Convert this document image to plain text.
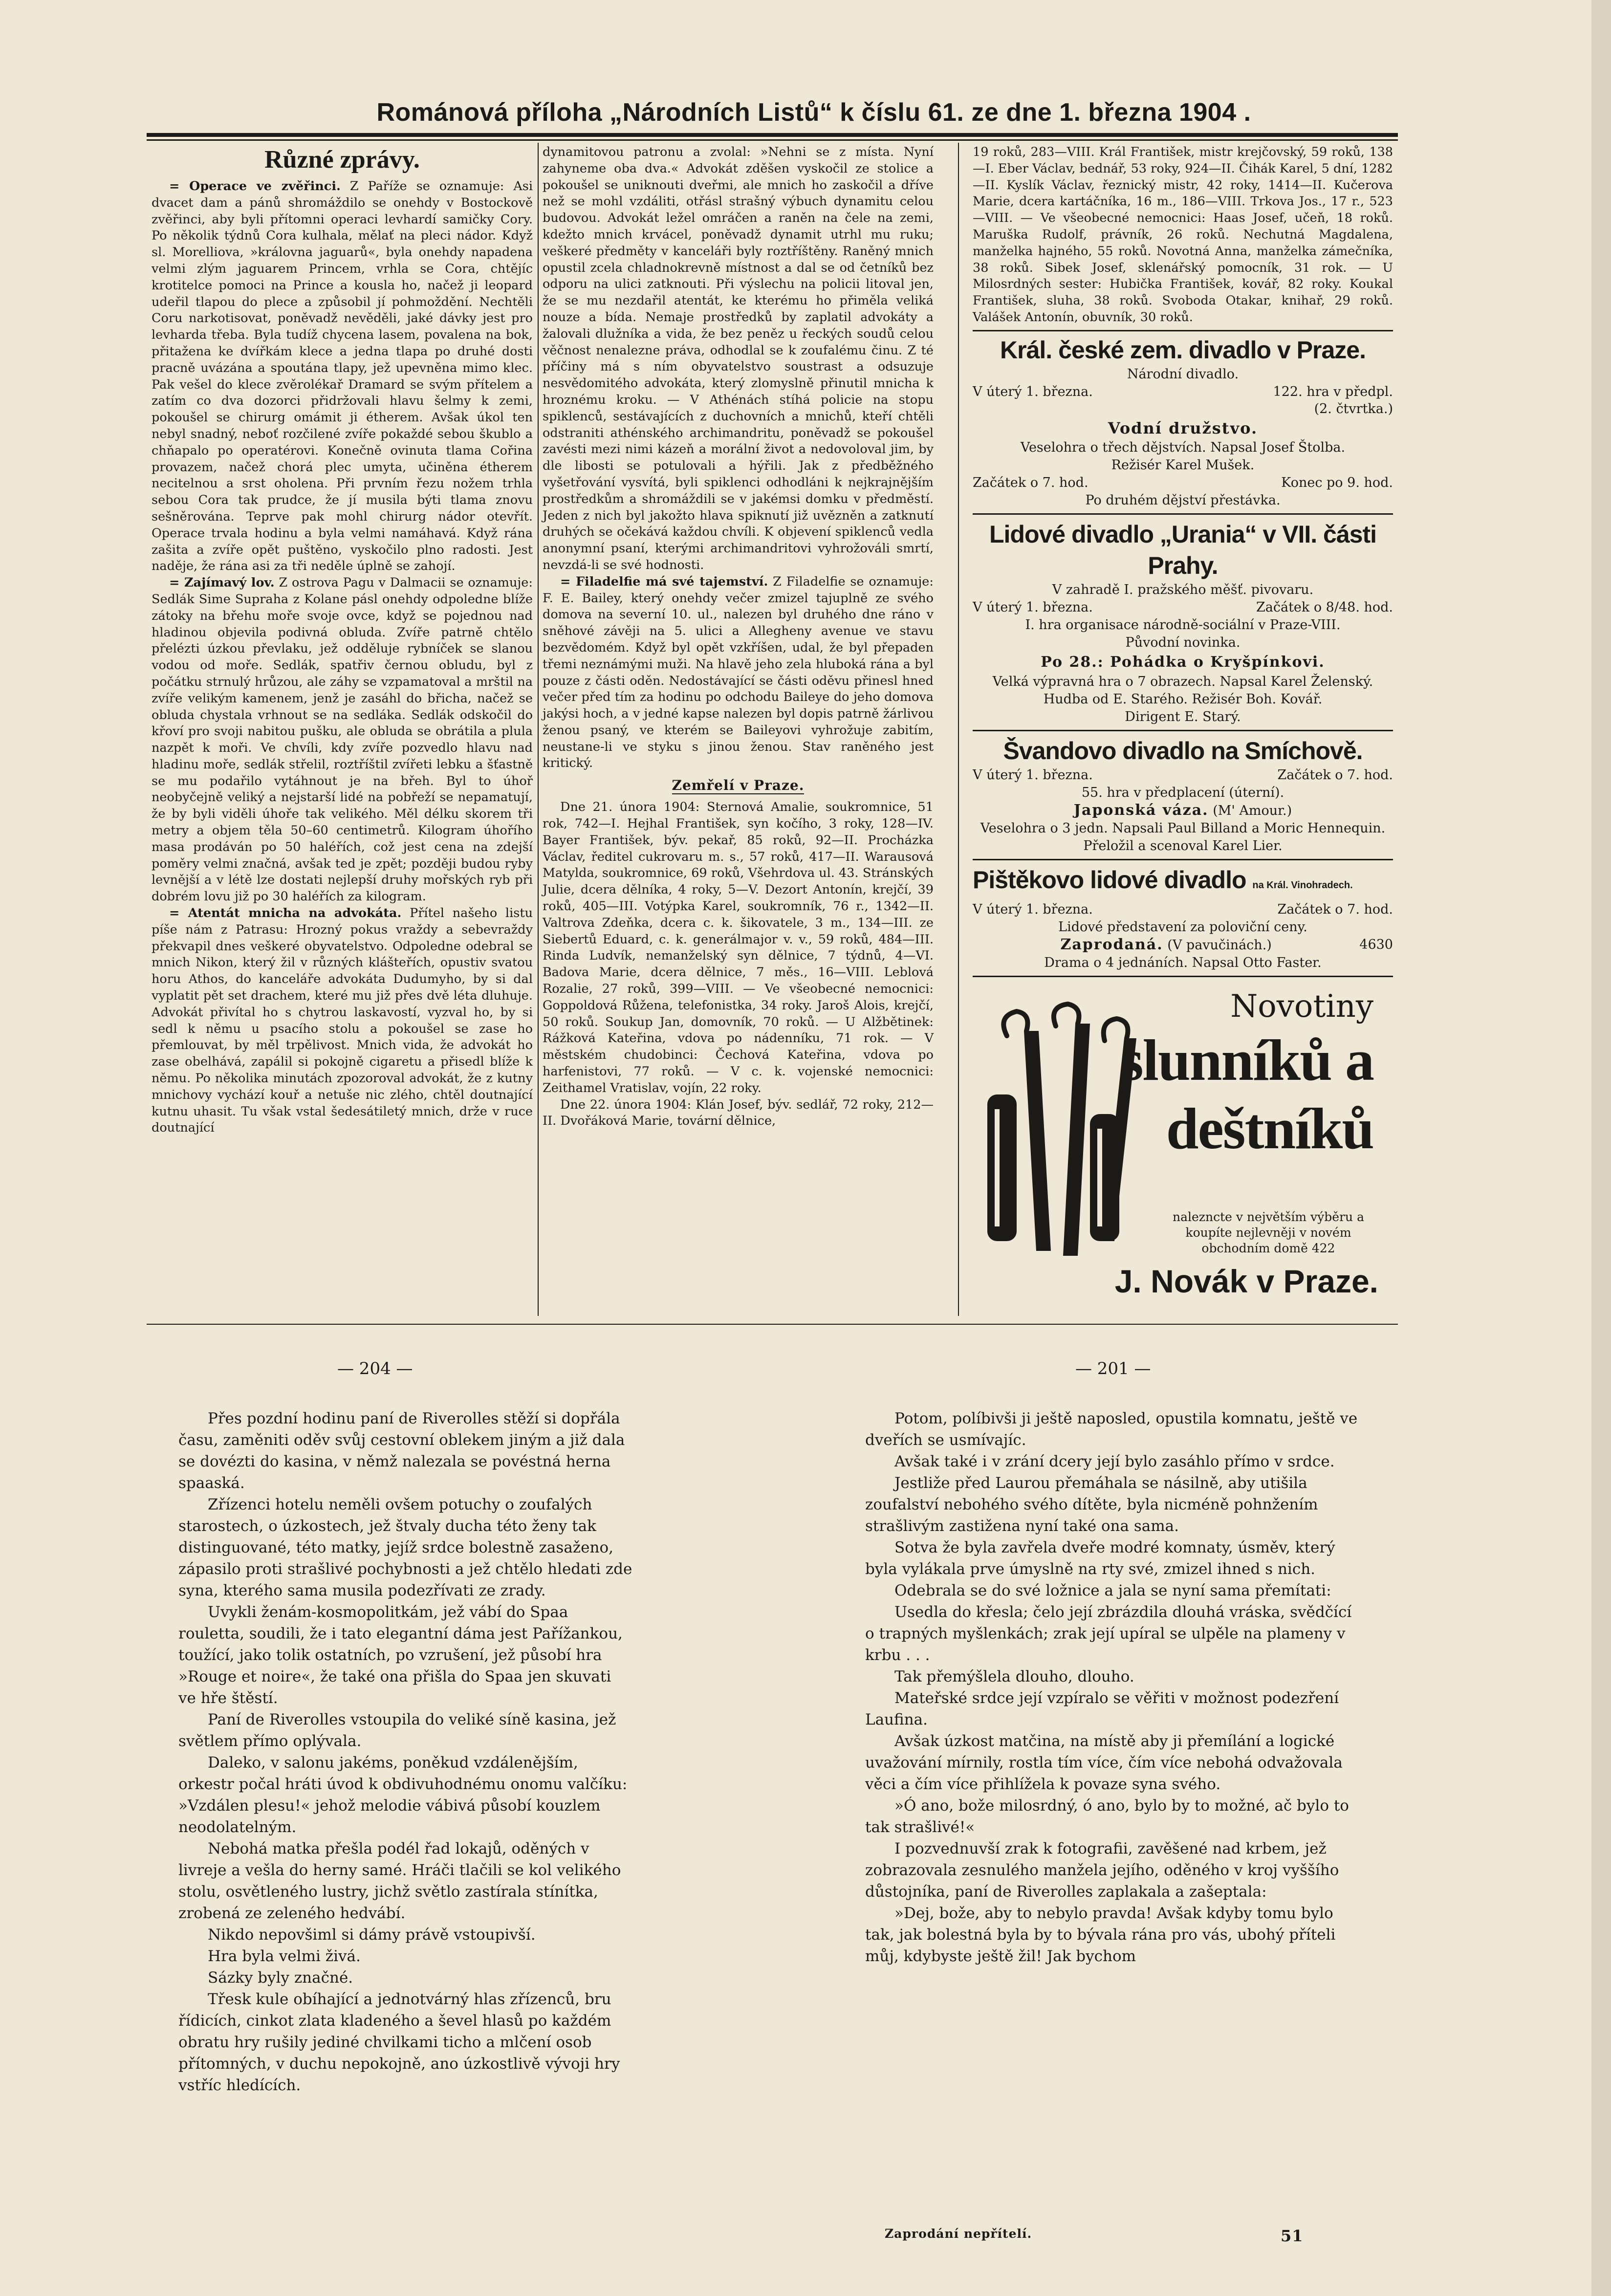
Románová příloha „Národních Listů“ k číslu 61. ze dne 1. března 1904 .
Různé zprávy.

= Operace ve zvěřinci. Z Paříže se oznamuje: Asi dvacet dam a pánů shromáždilo se onehdy v Bostockově zvěřinci, aby byli přítomni operaci levhardí samičky Cory. Po několik týdnů Cora kulhala, mělať na pleci nádor. Když sl. Morelliova, »královna jaguarů«, byla onehdy napadena velmi zlým jaguarem Princem, vrhla se Cora, chtějíc krotitelce pomoci na Prince a kousla ho, načež ji leopard udeřil tlapou do plece a způsobil jí pohmoždění. Nechtěli Coru narkotisovat, poněvadž nevěděli, jaké dávky jest pro levharda třeba. Byla tudíž chycena lasem, povalena na bok, přitažena ke dvířkám klece a jedna tlapa po druhé dosti pracně uvázána a spoutána tlapy, jež upevněna mimo klec. Pak vešel do klece zvěrolékař Dramard se svým přítelem a zatím co dva dozorci přidržovali hlavu šelmy k zemi, pokoušel se chirurg omámit ji étherem. Avšak úkol ten nebyl snadný, neboť rozčilené zvíře pokaždé sebou škublo a chňapalo po operatérovi. Konečně ovinuta tlama Cořina provazem, načež chorá plec umyta, učiněna étherem necitelnou a srst oholena. Při prvním řezu nožem trhla sebou Cora tak prudce, že jí musila býti tlama znovu sešněrována. Teprve pak mohl chirurg nádor otevřít. Operace trvala hodinu a byla velmi namáhavá. Když rána zašita a zvíře opět puštěno, vyskočilo plno radosti. Jest naděje, že rána asi za tři neděle úplně se zahojí.

= Zajímavý lov. Z ostrova Pagu v Dalmacii se oznamuje: Sedlák Sime Supraha z Kolane pásl onehdy odpoledne blíže zátoky na břehu moře svoje ovce, když se pojednou nad hladinou objevila podivná obluda. Zvíře patrně chtělo přelézti úzkou převlaku, jež odděluje rybníček se slanou vodou od moře. Sedlák, spatřiv černou obludu, byl z počátku strnulý hrůzou, ale záhy se vzpamatoval a mrštil na zvíře velikým kamenem, jenž je zasáhl do břicha, načež se obluda chystala vrhnout se na sedláka. Sedlák odskočil do křoví pro svoji nabitou pušku, ale obluda se obrátila a plula nazpět k moři. Ve chvíli, kdy zvíře pozvedlo hlavu nad hladinu moře, sedlák střelil, roztříštil zvířeti lebku a šťastně se mu podařilo vytáhnout je na břeh. Byl to úhoř neobyčejně veliký a nejstarší lidé na pobřeží se nepamatují, že by byli viděli úhoře tak velikého. Měl délku skorem tři metry a objem těla 50–60 centimetrů. Kilogram úhořího masa prodáván po 50 haléřích, což jest cena na zdejší poměry velmi značná, avšak ted je zpět; později budou ryby levnější a v létě lze dostati nejlepší druhy mořských ryb při dobrém lovu již po 30 haléřích za kilogram.

= Atentát mnicha na advokáta. Přítel našeho listu píše nám z Patrasu: Hrozný pokus vraždy a sebevraždy překvapil dnes veškeré obyvatelstvo. Odpoledne odebral se mnich Nikon, který žil v různých klášteřích, opustiv svatou horu Athos, do kanceláře advokáta Dudumyho, by si dal vyplatit pět set drachem, které mu již přes dvě léta dluhuje. Advokát přivítal ho s chytrou laskavostí, vyzval ho, by si sedl k němu u psacího stolu a pokoušel se zase ho přemlouvat, by měl trpělivost. Mnich vida, že advokát ho zase obelhává, zapálil si pokojně cigaretu a přisedl blíže k němu. Po několika minutách zpozoroval advokát, že z kutny mnichovy vychází kouř a netuše nic zlého, chtěl doutnající kutnu uhasit. Tu však vstal šedesátiletý mnich, drže v ruce doutnající

dynamitovou patronu a zvolal: »Nehni se z místa. Nyní zahyneme oba dva.« Advokát zděšen vyskočil ze stolice a pokoušel se uniknouti dveřmi, ale mnich ho zaskočil a dříve než se mohl vzdáliti, otřásl strašný výbuch dynamitu celou budovou. Advokát ležel omráčen a raněn na čele na zemi, kdežto mnich krvácel, poněvadž dynamit utrhl mu ruku; veškeré předměty v kanceláři byly roztříštěny. Raněný mnich opustil zcela chladnokrevně místnost a dal se od četníků bez odporu na ulici zatknouti. Při výslechu na policii litoval jen, že se mu nezdařil atentát, ke kterému ho přiměla veliká nouze a bída. Nemaje prostředků by zaplatil advokáty a žalovali dlužníka a vida, že bez peněz u řeckých soudů celou věčnost nenalezne práva, odhodlal se k zoufalému činu. Z té příčiny má s ním obyvatelstvo soustrast a odsuzuje nesvědomitého advokáta, který zlomyslně přinutil mnicha k hroznému kroku. — V Athénách stíhá policie na stopu spiklenců, sestávajících z duchovních a mnichů, kteří chtěli odstraniti athénského archimandritu, poněvadž se pokoušel zavésti mezi nimi kázeň a morální život a nedovoloval jim, by dle libosti se potulovali a hýřili. Jak z předběžného vyšetřování vysvítá, byli spiklenci odhodláni k nejkrajnějším prostředkům a shromáždili se v jakémsi domku v předměstí. Jeden z nich byl jakožto hlava spiknutí již uvězněn a zatknutí druhých se očekává každou chvíli. K objevení spiklenců vedla anonymní psaní, kterými archimandritovi vyhrožováli smrtí, nevzdá-li se své hodnosti.

= Filadelfie má své tajemství. Z Filadelfie se oznamuje: F. E. Bailey, který onehdy večer zmizel tajuplně ze svého domova na severní 10. ul., nalezen byl druhého dne ráno v sněhové závěji na 5. ulici a Allegheny avenue ve stavu bezvědomém. Když byl opět vzkříšen, udal, že byl přepaden třemi neznámými muži. Na hlavě jeho zela hluboká rána a byl pouze z části oděn. Nedostávající se části oděvu přinesl hned večer před tím za hodinu po odchodu Baileye do jeho domova jakýsi hoch, a v jedné kapse nalezen byl dopis patrně žárlivou ženou psaný, ve kterém se Baileyovi vyhrožuje zabitím, neustane-li ve styku s jinou ženou. Stav raněného jest kritický.

Zemřelí v Praze.

Dne 21. února 1904: Sternová Amalie, soukromnice, 51 rok, 742—I. Hejhal František, syn kočího, 3 roky, 128—IV. Bayer František, býv. pekař, 85 roků, 92—II. Procházka Václav, ředitel cukrovaru m. s., 57 roků, 417—II. Warausová Matylda, soukromnice, 69 roků, Všehrdova ul. 43. Stránských Julie, dcera dělníka, 4 roky, 5—V. Dezort Antonín, krejčí, 39 roků, 405—III. Votýpka Karel, soukromník, 76 r., 1342—II. Valtrova Zdeňka, dcera c. k. šikovatele, 3 m., 134—III. ze Siebertů Eduard, c. k. generálmajor v. v., 59 roků, 484—III. Rinda Ludvík, nemanželský syn dělnice, 7 týdnů, 4—VI. Badova Marie, dcera dělnice, 7 měs., 16—VIII. Leblová Rozalie, 27 roků, 399—VIII. — Ve všeobecné nemocnici: Goppoldová Růžena, telefonistka, 34 roky. Jaroš Alois, krejčí, 50 roků. Soukup Jan, domovník, 70 roků. — U Alžbětinek: Rážková Kateřina, vdova po nádenníku, 71 rok. — V městském chudobinci: Čechová Kateřina, vdova po harfenistovi, 77 roků. — V c. k. vojenské nemocnici: Zeithamel Vratislav, vojín, 22 roky.

Dne 22. února 1904: Klán Josef, býv. sedlář, 72 roky, 212—II. Dvořáková Marie, tovární dělnice,

19 roků, 283—VIII. Král František, mistr krejčovský, 59 roků, 138—I. Eber Václav, bednář, 53 roky, 924—II. Čihák Karel, 5 dní, 1282—II. Kyslík Václav, řeznický mistr, 42 roky, 1414—II. Kučerova Marie, dcera kartáčníka, 16 m., 186—VIII. Trkova Jos., 17 r., 523—VIII. — Ve všeobecné nemocnici: Haas Josef, učeň, 18 roků. Maruška Rudolf, právník, 26 roků. Nechutná Magdalena, manželka hajného, 55 roků. Novotná Anna, manželka zámečníka, 38 roků. Sibek Josef, sklenářský pomocník, 31 rok. — U Milosrdných sester: Hubička František, kovář, 82 roky. Koukal František, sluha, 38 roků. Svoboda Otakar, knihař, 29 roků. Valášek Antonín, obuvník, 30 roků.

Král. české zem. divadlo v Praze.
Národní divadlo.
V úterý 1. března.	122. hra v předpl.
(2. čtvrtka.)
Vodní družstvo.
Veselohra o třech dějstvích. Napsal Josef Štolba.
Režisér Karel Mušek.
Začátek o 7. hod.	Konec po 9. hod.
Po druhém dějství přestávka.
Lidové divadlo „Urania“ v VII. části Prahy.
V zahradě I. pražského měšť. pivovaru.
V úterý 1. března.	Začátek o 8/48. hod.
I. hra organisace národně-sociální v Praze-VIII.
Původní novinka.
Po 28.: Pohádka o Kryšpínkovi.
Velká výpravná hra o 7 obrazech. Napsal Karel Želenský. Hudba od E. Starého. Režisér Boh. Kovář.
Dirigent E. Starý.
Švandovo divadlo na Smíchově.
V úterý 1. března.	Začátek o 7. hod.
55. hra v předplacení (úterní).
Japonská váza. (M' Amour.)
Veselohra o 3 jedn. Napsali Paul Billand a Moric Hennequin. Přeložil a scenoval Karel Lier.
Pištěkovo lidové divadlo na Král. Vinohradech.
V úterý 1. března.	Začátek o 7. hod.
Lidové představení za poloviční ceny.
Zaprodaná. (V pavučinách.)	4630
Drama o 4 jednáních. Napsal Otto Faster.
Novotiny
slunníků a
deštníků
nalezncte v největším výběru a koupíte nejlevněji v novém obchodním domě 422
J. Novák v Praze.
— 204 —	— 201 —

Přes pozdní hodinu paní de Riverolles stěží si dopřála času, zaměniti oděv svůj cestovní oblekem jiným a již dala se dovézti do kasina, v němž nalezala se povéstná herna spaaská.

Zřízenci hotelu neměli ovšem potuchy o zoufalých starostech, o úzkostech, jež štvaly ducha této ženy tak distinguované, této matky, jejíž srdce bolestně zasaženo, zápasilo proti strašlivé pochybnosti a jež chtělo hledati zde syna, kterého sama musila podezřívati ze zrady.

Uvykli ženám-kosmopolitkám, jež vábí do Spaa rouletta, soudili, že i tato elegantní dáma jest Pařížankou, toužící, jako tolik ostatních, po vzrušení, jež působí hra »Rouge et noire«, že také ona přišla do Spaa jen skuvati ve hře štěstí.

Paní de Riverolles vstoupila do veliké síně kasina, jež světlem přímo oplývala.

Daleko, v salonu jakéms, poněkud vzdálenějším, orkestr počal hráti úvod k obdivuhodnému onomu valčíku: »Vzdálen plesu!« jehož melodie vábivá působí kouzlem neodolatelným.

Nebohá matka přešla podél řad lokajů, oděných v livreje a vešla do herny samé. Hráči tlačili se kol velikého stolu, osvětleného lustry, jichž světlo zastírala stínítka, zrobená ze zeleného hedvábí.

Nikdo nepovšiml si dámy právě vstoupivší.

Hra byla velmi živá.

Sázky byly značné.

Třesk kule obíhající a jednotvárný hlas zřízenců, bru řídicích, cinkot zlata kladeného a ševel hlasů po každém obratu hry rušily jediné chvilkami ticho a mlčení osob přítomných, v duchu nepokojně, ano úzkostlivě vývoji hry vstříc hledících.

Potom, políbivši ji ještě naposled, opustila komnatu, ještě ve dveřích se usmívajíc.

Avšak také i v zrání dcery její bylo zasáhlo přímo v srdce.

Jestliže před Laurou přemáhala se násilně, aby utišila zoufalství nebohého svého dítěte, byla nicméně pohnžením strašlivým zastižena nyní také ona sama.

Sotva že byla zavřela dveře modré komnaty, úsměv, který byla vylákala prve úmyslně na rty své, zmizel ihned s nich.

Odebrala se do své ložnice a jala se nyní sama přemítati:

Usedla do křesla; čelo její zbrázdila dlouhá vráska, svědčící o trapných myšlenkách; zrak její upíral se ulpěle na plameny v krbu . . .

Tak přemýšlela dlouho, dlouho.

Mateřské srdce její vzpíralo se věřiti v možnost podezření Laufina.

Avšak úzkost matčina, na místě aby ji přemílání a logické uvažování mírnily, rostla tím více, čím více nebohá odvažovala věci a čím více přihlížela k povaze syna svého.

»Ó ano, bože milosrdný, ó ano, bylo by to možné, ač bylo to tak strašlivé!«

I pozvednuvší zrak k fotografii, zavěšené nad krbem, jež zobrazovala zesnulého manžela jejího, oděného v kroj vyššího důstojníka, paní de Riverolles zaplakala a zašeptala:

»Dej, bože, aby to nebylo pravda! Avšak kdyby tomu bylo tak, jak bolestná byla by to bývala rána pro vás, ubohý příteli můj, kdybyste ještě žil! Jak bychom

Zaprodání nepřítelí.	51
